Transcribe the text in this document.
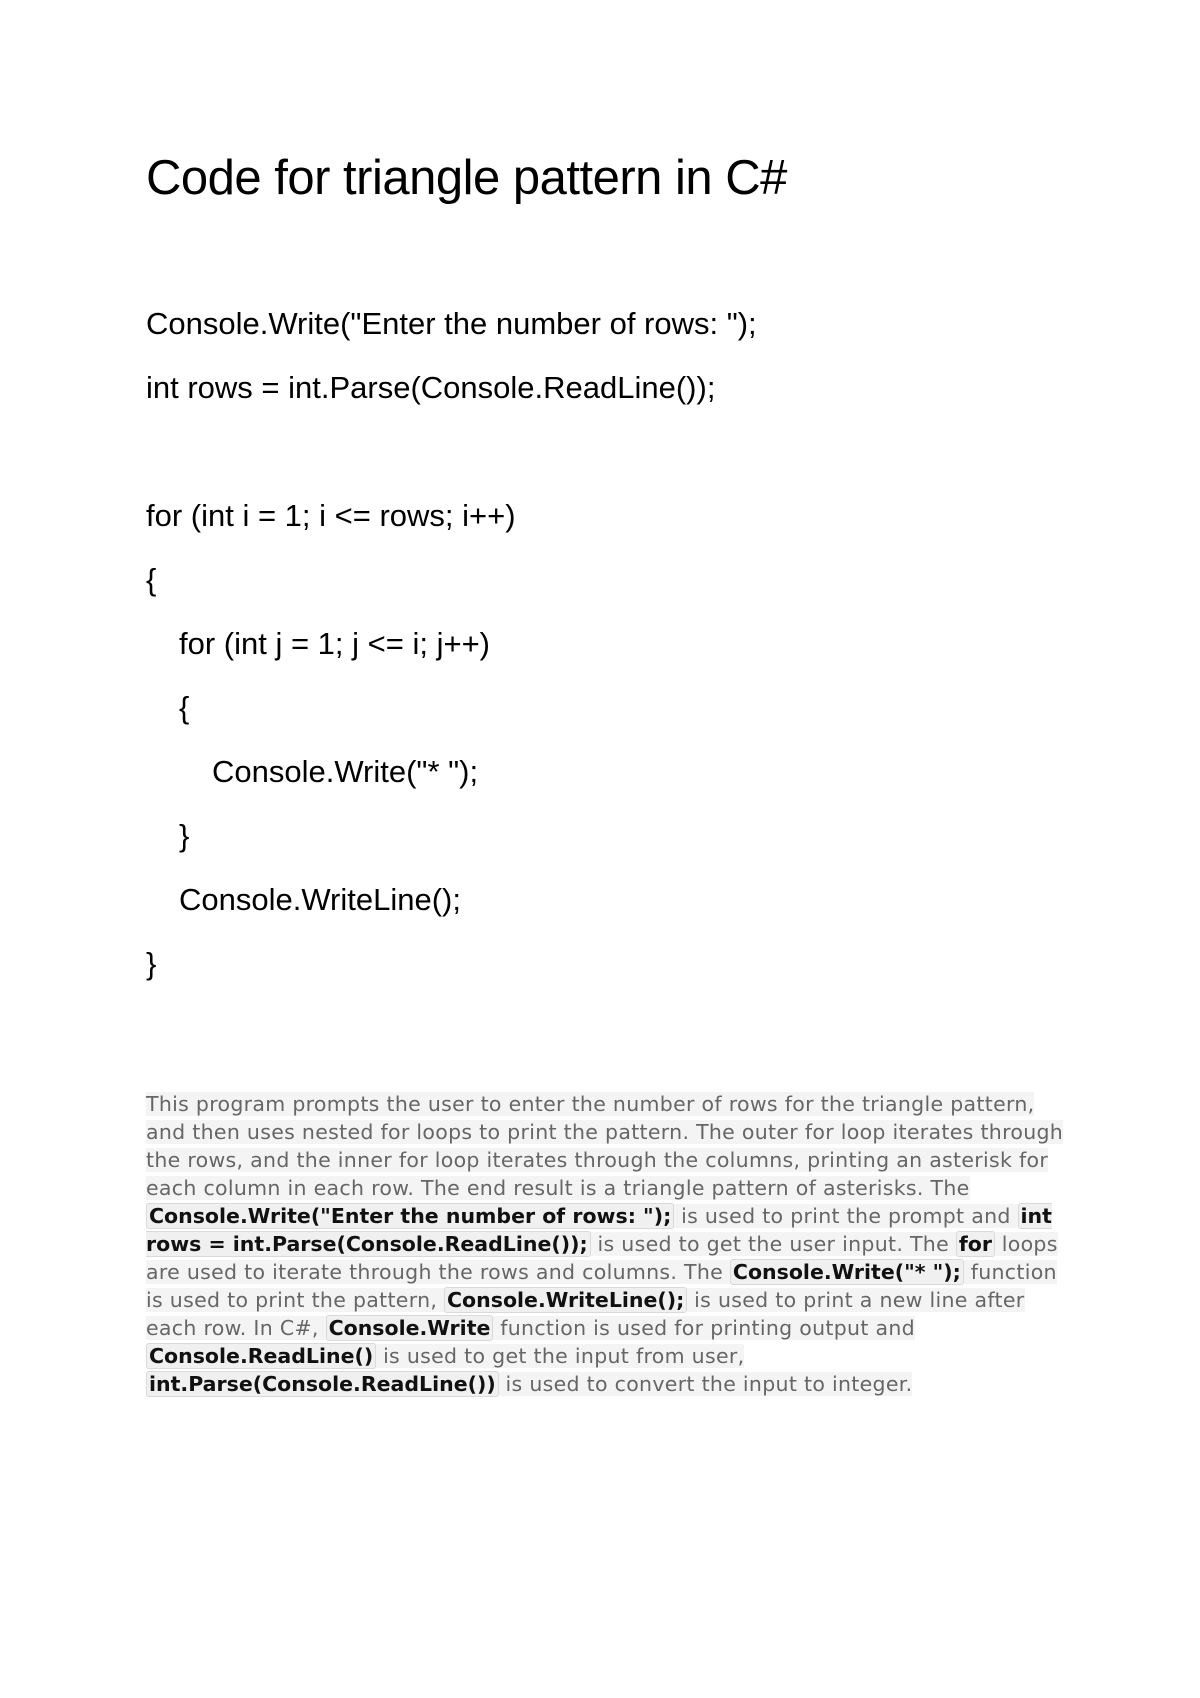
Code for triangle pattern in C#
Console.Write("Enter the number of rows: ");
int rows = int.Parse(Console.ReadLine());
for (int i = 1; i <= rows; i++)
{
for (int j = 1; j <= i; j++)
{
Console.Write("* ");
}
Console.WriteLine();
}

This program prompts the user to enter the number of rows for the triangle pattern, and then uses nested for loops to print the pattern. The outer for loop iterates through the rows, and the inner for loop iterates through the columns, printing an asterisk for each column in each row. The end result is a triangle pattern of asterisks. The Console.Write("Enter the number of rows: "); is used to print the prompt and int rows = int.Parse(Console.ReadLine()); is used to get the user input. The for loops are used to iterate through the rows and columns. The Console.Write("* "); function is used to print the pattern, Console.WriteLine(); is used to print a new line after each row. In C#, Console.Write function is used for printing output and Console.ReadLine() is used to get the input from user, int.Parse(Console.ReadLine()) is used to convert the input to integer.
